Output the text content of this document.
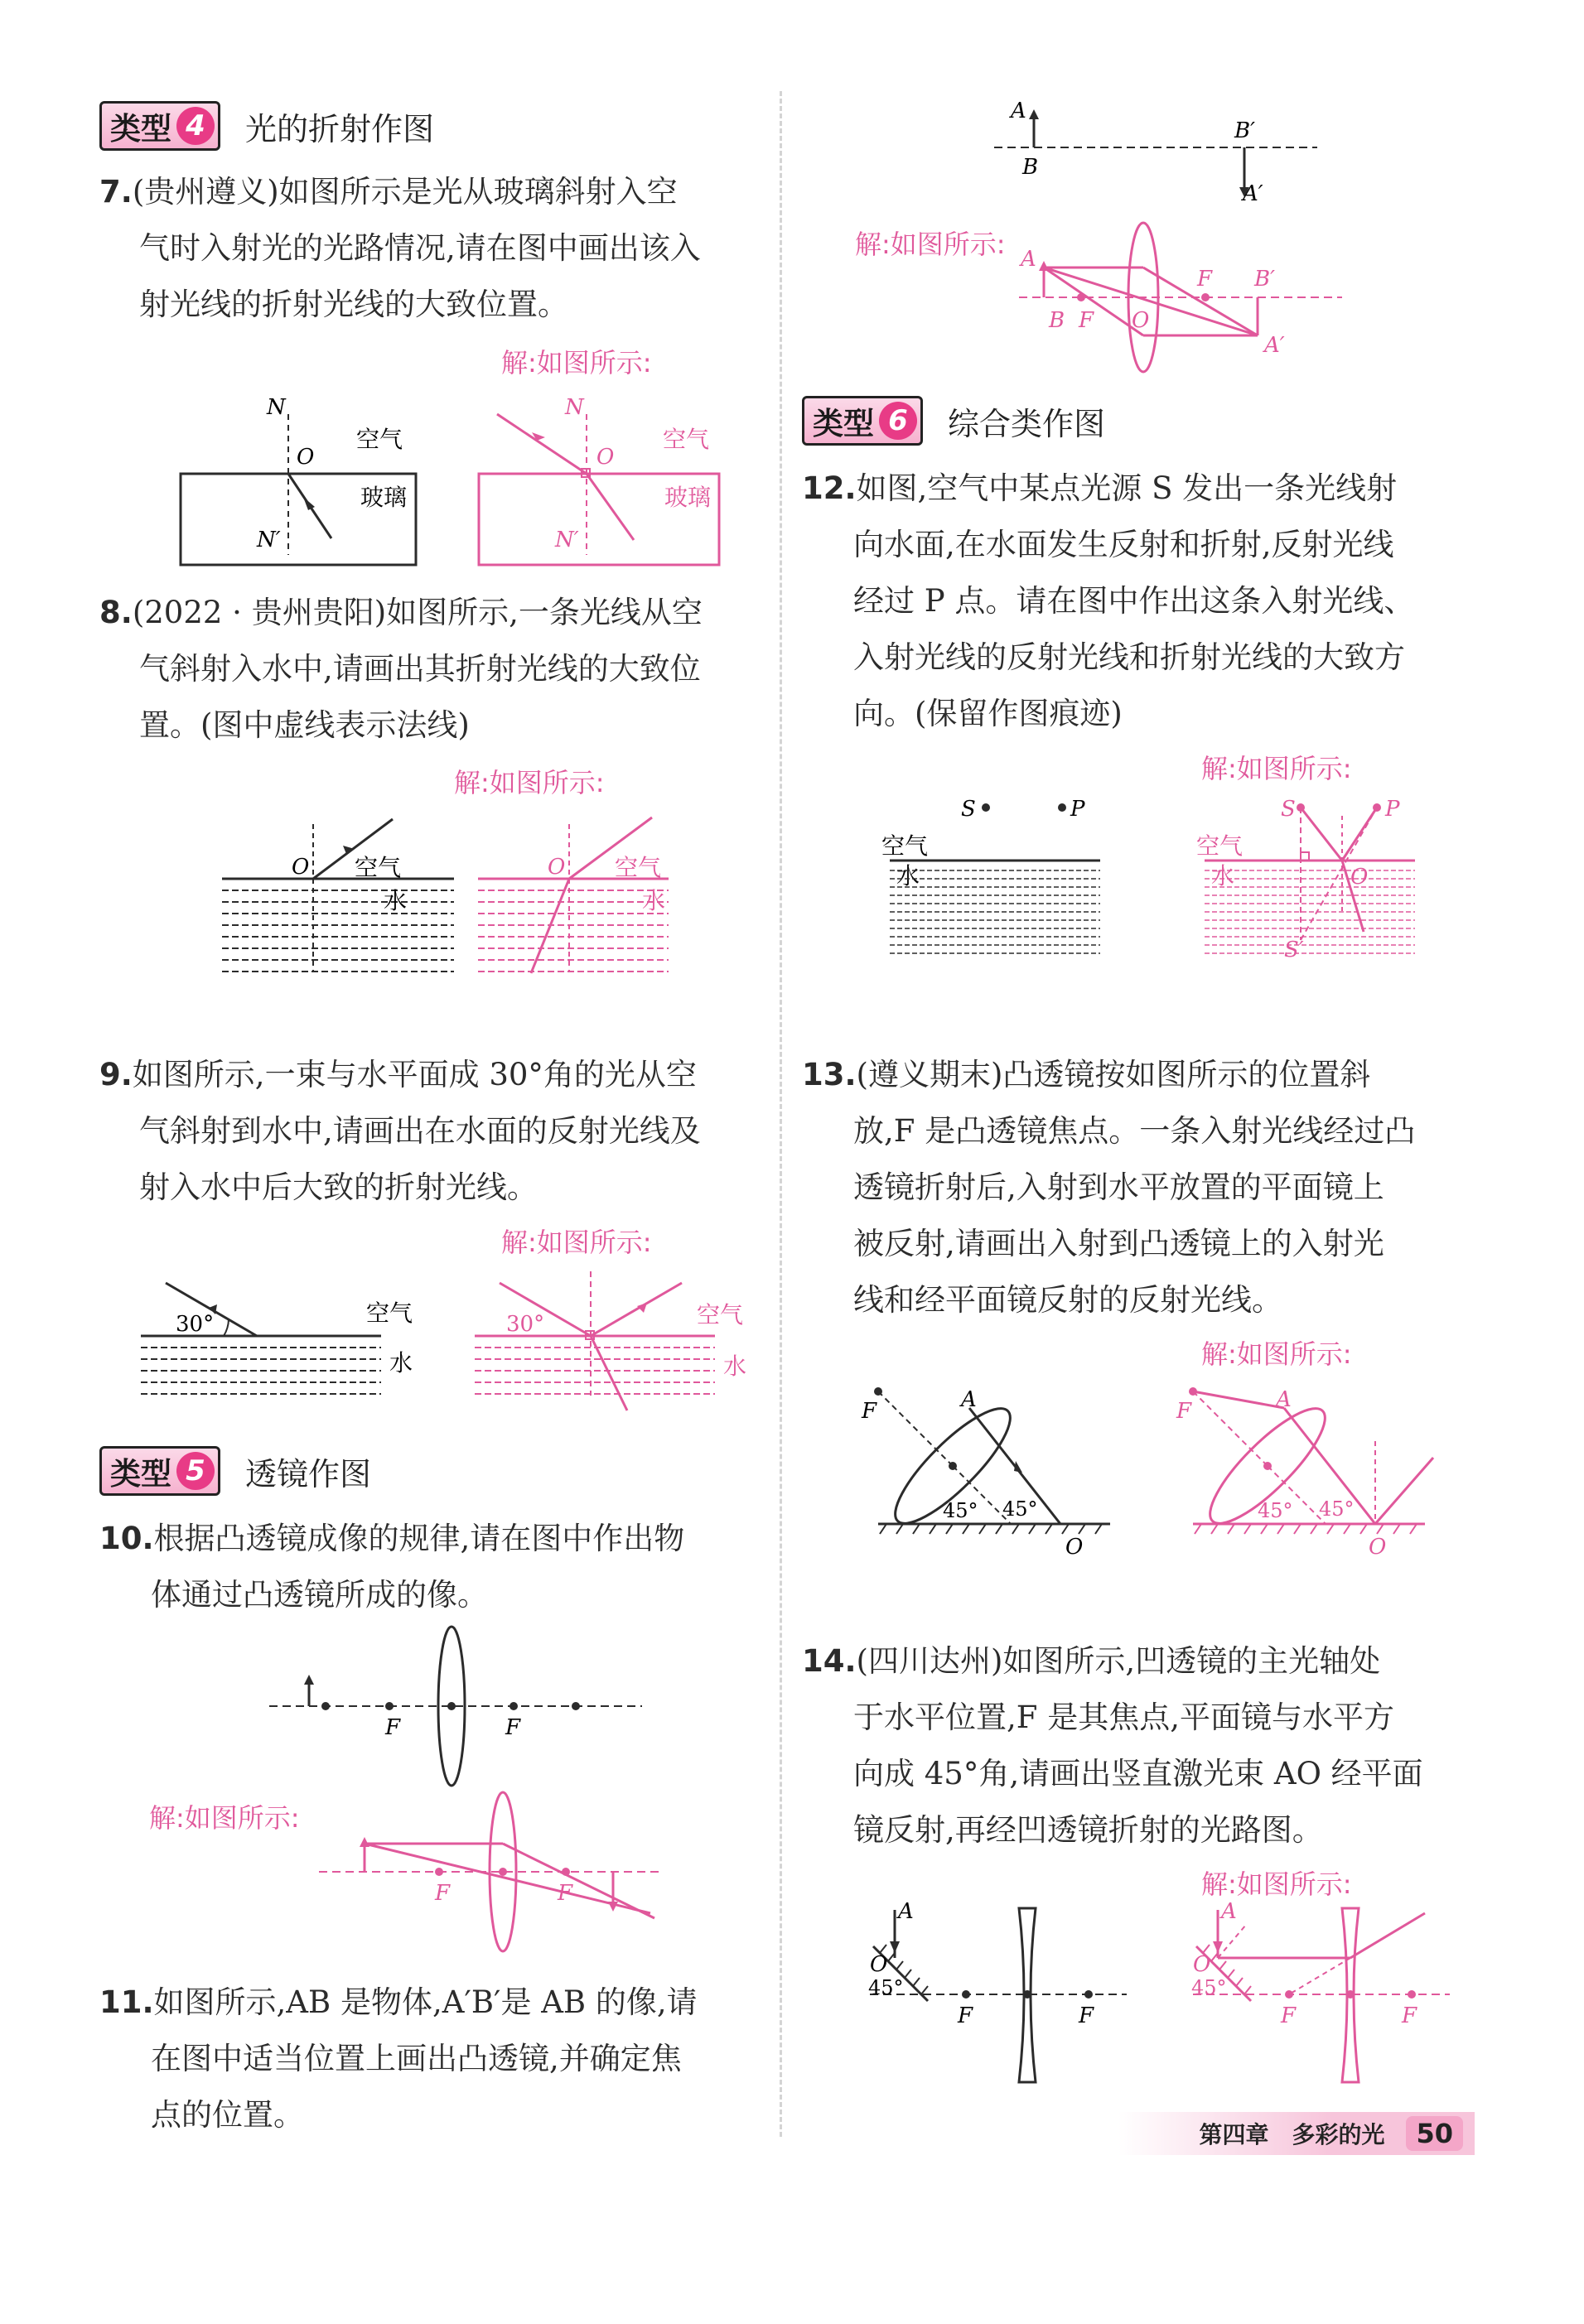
类型 4 光的折射作图
7.(贵州遵义)如图所示是光从玻璃斜射入空
气时入射光的光路情况,请在图中画出该入
射光线的折射光线的大致位置。
解:如图所示:
N
O
N′
空气
玻璃
N
O
N′
空气
玻璃
8.(2022 · 贵州贵阳)如图所示,一条光线从空
气斜射入水中,请画出其折射光线的大致位
置。(图中虚线表示法线)
解:如图所示:
O 空气
水
O 空气
水
9.如图所示,一束与水平面成 30°角的光从空
气斜射到水中,请画出在水面的反射光线及
射入水中后大致的折射光线。
解:如图所示:
30°	空气
水
30°	空气
水
类型 5 透镜作图
10.根据凸透镜成像的规律,请在图中作出物
体通过凸透镜所成的像。
F	F
解:如图所示:
F	F
11.如图所示,AB 是物体,A′B′是 AB 的像,请
在图中适当位置上画出凸透镜,并确定焦
点的位置。
A
B
B′
A′
解:如图所示: A
B F O
F B′
A′
类型 6 综合类作图
12.如图,空气中某点光源 S 发出一条光线射
向水面,在水面发生反射和折射,反射光线
经过 P 点。请在图中作出这条入射光线、
入射光线的反射光线和折射光线的大致方
向。(保留作图痕迹)
解:如图所示:
S	P
空气
水
S	P
空气
水	O
S′
13.(遵义期末)凸透镜按如图所示的位置斜
放,F 是凸透镜焦点。一条入射光线经过凸
透镜折射后,入射到水平放置的平面镜上
被反射,请画出入射到凸透镜上的入射光
线和经平面镜反射的反射光线。
解:如图所示:
F	A
O
45° 45°
F	A
O
45° 45°
14.(四川达州)如图所示,凹透镜的主光轴处
于水平位置,F 是其焦点,平面镜与水平方
向成 45°角,请画出竖直激光束 AO 经平面
镜反射,再经凹透镜折射的光路图。
解:如图所示:
A
O
45°
F	F
A
O
45°
F	F
第四章　多彩的光	50
